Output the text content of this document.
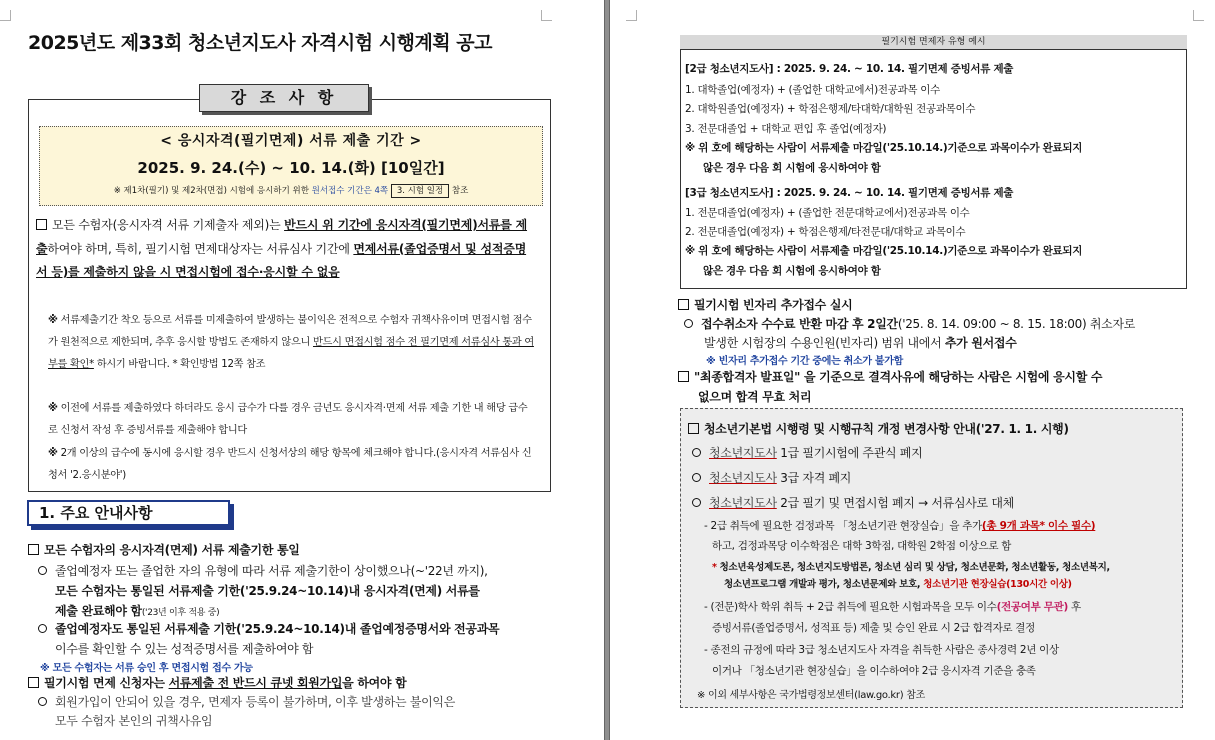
2025년도 제33회 청소년지도사 자격시험 시행계획 공고
강 조 사 항
< 응시자격(필기면제) 서류 제출 기간 >
2025. 9. 24.(수) ~ 10. 14.(화) [10일간]
※ 제1차(필기) 및 제2차(면접) 시험에 응시하기 위한 원서접수 기간은 4쪽 3. 시험 일정 참조
모든 수험자(응시자격 서류 기제출자 제외)는 반드시 위 기간에 응시자격(필기면제)서류를 제출하여야 하며, 특히, 필기시험 면제대상자는 서류심사 기간에 면제서류(졸업증명서 및 성적증명서 등)를 제출하지 않을 시 면접시험에 접수·응시할 수 없음
※ 서류제출기간 착오 등으로 서류를 미제출하여 발생하는 불이익은 전적으로 수험자 귀책사유이며 면접시험 점수가 원천적으로 제한되며, 추후 응시할 방법도 존재하지 않으니 반드시 면접시험 점수 전 필기면제 서류심사 통과 여부를 확인* 하시기 바랍니다. * 확인방법 12쪽 참조
※ 이전에 서류를 제출하였다 하더라도 응시 급수가 다를 경우 금년도 응시자격·면제 서류 제출 기한 내 해당 급수로 신청서 작성 후 증빙서류를 제출해야 합니다
※ 2개 이상의 급수에 동시에 응시할 경우 반드시 신청서상의 해당 항목에 체크해야 합니다.(응시자격 서류심사 신청서 '2.응시분야')
1. 주요 안내사항
모든 수험자의 응시자격(면제) 서류 제출기한 통일
졸업예정자 또는 졸업한 자의 유형에 따라 서류 제출기한이 상이했으나(~'22년 까지),
모든 수험자는 통일된 서류제출 기한('25.9.24~10.14)내 응시자격(면제) 서류를
제출 완료해야 함('23년 이후 적용 중)
졸업예정자도 통일된 서류제출 기한('25.9.24~10.14)내 졸업예정증명서와 전공과목
이수를 확인할 수 있는 성적증명서를 제출하여야 함
※ 모든 수험자는 서류 승인 후 면접시험 접수 가능
필기시험 면제 신청자는 서류제출 전 반드시 큐넷 회원가입을 하여야 함
회원가입이 안되어 있을 경우, 면제자 등록이 불가하며, 이후 발생하는 불이익은
모두 수험자 본인의 귀책사유임
필기시험 면제자 유형 예시
[2급 청소년지도사] : 2025. 9. 24. ~ 10. 14. 필기면제 증빙서류 제출
1. 대학졸업(예정자) + (졸업한 대학교에서)전공과목 이수
2. 대학원졸업(예정자) + 학점은행제/타대학/대학원 전공과목이수
3. 전문대졸업 + 대학교 편입 후 졸업(예정자)
※ 위 호에 해당하는 사람이 서류제출 마감일('25.10.14.)기준으로 과목이수가 완료되지
않은 경우 다음 회 시험에 응시하여야 함
[3급 청소년지도사] : 2025. 9. 24. ~ 10. 14. 필기면제 증빙서류 제출
1. 전문대졸업(예정자) + (졸업한 전문대학교에서)전공과목 이수
2. 전문대졸업(예정자) + 학점은행제/타전문대/대학교 과목이수
※ 위 호에 해당하는 사람이 서류제출 마감일('25.10.14.)기준으로 과목이수가 완료되지
않은 경우 다음 회 시험에 응시하여야 함
필기시험 빈자리 추가접수 실시
접수취소자 수수료 반환 마감 후 2일간('25. 8. 14. 09:00 ~ 8. 15. 18:00) 취소자로
발생한 시험장의 수용인원(빈자리) 범위 내에서 추가 원서접수
※ 빈자리 추가접수 기간 중에는 취소가 불가함
"최종합격자 발표일" 을 기준으로 결격사유에 해당하는 사람은 시험에 응시할 수
없으며 합격 무효 처리
청소년기본법 시행령 및 시행규칙 개정 변경사항 안내('27. 1. 1. 시행)
청소년지도사 1급 필기시험에 주관식 폐지
청소년지도사 3급 자격 폐지
청소년지도사 2급 필기 및 면접시험 폐지 → 서류심사로 대체
- 2급 취득에 필요한 검정과목 「청소년기관 현장실습」을 추가(총 9개 과목* 이수 필수)
하고, 검정과목당 이수학점은 대학 3학점, 대학원 2학점 이상으로 함
* 청소년육성제도론, 청소년지도방법론, 청소년 심리 및 상담, 청소년문화, 청소년활동, 청소년복지,
청소년프로그램 개발과 평가, 청소년문제와 보호, 청소년기관 현장실습(130시간 이상)
- (전문)학사 학위 취득 + 2급 취득에 필요한 시험과목을 모두 이수(전공여부 무관) 후
증빙서류(졸업증명서, 성적표 등) 제출 및 승인 완료 시 2급 합격자로 결정
- 종전의 규정에 따라 3급 청소년지도사 자격을 취득한 사람은 종사경력 2년 이상
이거나 「청소년기관 현장실습」을 이수하여야 2급 응시자격 기준을 충족
※ 이외 세부사항은 국가법령정보센터(law.go.kr) 참조
